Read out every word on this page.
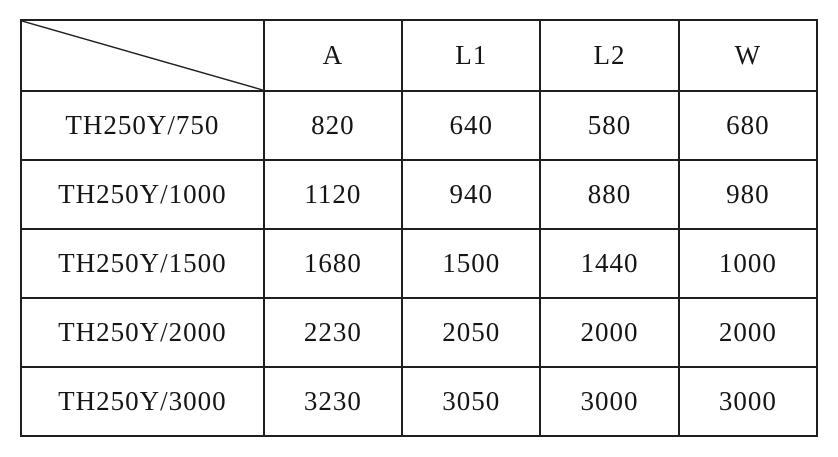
	A	L1	L2	W
TH250Y/750	820	640	580	680
TH250Y/1000	1120	940	880	980
TH250Y/1500	1680	1500	1440	1000
TH250Y/2000	2230	2050	2000	2000
TH250Y/3000	3230	3050	3000	3000
